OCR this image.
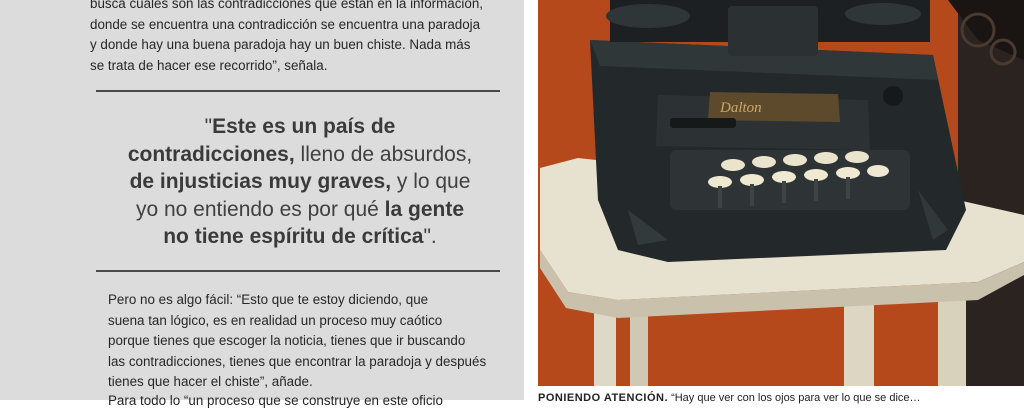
busca cuáles son las contradicciones que están en la información,
donde se encuentra una contradicción se encuentra una paradoja
y donde hay una buena paradoja hay un buen chiste. Nada más
se trata de hacer ese recorrido”, señala.

"Este es un país de
contradicciones, lleno de absurdos,
de injusticias muy graves, y lo que
yo no entiendo es por qué la gente
no tiene espíritu de crítica".

Pero no es algo fácil: “Esto que te estoy diciendo, que
suena tan lógico, es en realidad un proceso muy caótico
porque tienes que escoger la noticia, tienes que ir buscando
las contradicciones, tienes que encontrar la paradoja y después
tienes que hacer el chiste”, añade.

Para todo lo “un proceso que se construye en este oficio

Dalton
PONIENDO ATENCIÓN. “Hay que ver con los ojos para ver lo que se dice…
